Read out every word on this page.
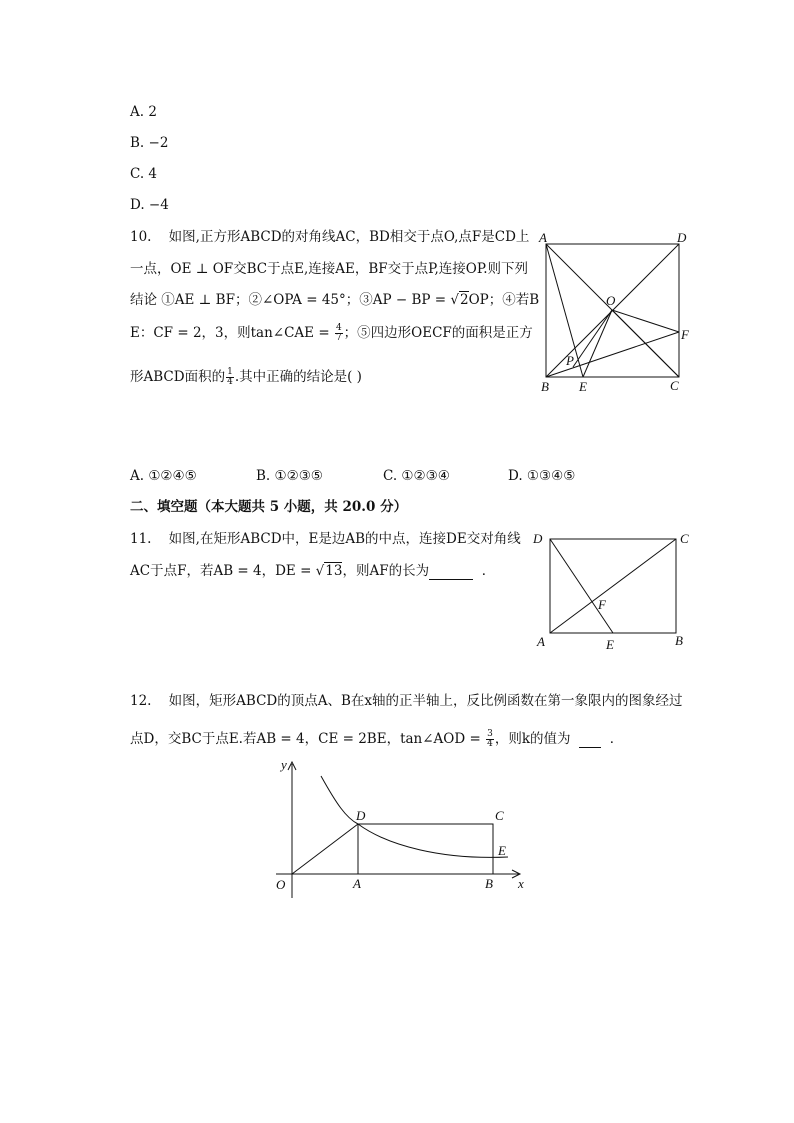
A. 2
B. −2
C. 4
D. −4
10. 如图,正方形ABCD的对角线AC，BD相交于点O,点F是CD上
一点，OE ⊥ OF交BC于点E,连接AE，BF交于点P,连接OP.则下列
结论 ①AE ⊥ BF；②∠OPA = 45°；③AP − BP = √2OP；④若B
E：CF = 2，3，则tan∠CAE = $\frac{4}{7}$ ；⑤四边形OECF的面积是正方
形ABCD面积的 $\frac{1}{4}$ .其中正确的结论是( )
A	D
O
F
P
B E	C
A. ①②④⑤	B. ①②③⑤	C. ①②③④	D. ①③④⑤
二、填空题（本大题共 5 小题，共 20.0 分）
11. 如图,在矩形ABCD中，E是边AB的中点，连接DE交对角线
AC于点F，若AB = 4，DE = √13，则AF的长为	．
D	C
F
A	E	B
12. 如图，矩形ABCD的顶点A、B在x轴的正半轴上，反比例函数在第一象限内的图象经过
点D，交BC于点E.若AB = 4，CE = 2BE，tan∠AOD = $\frac{3}{4}$ ，则k的值为	．
y
x
O
D	C
E
A	B
